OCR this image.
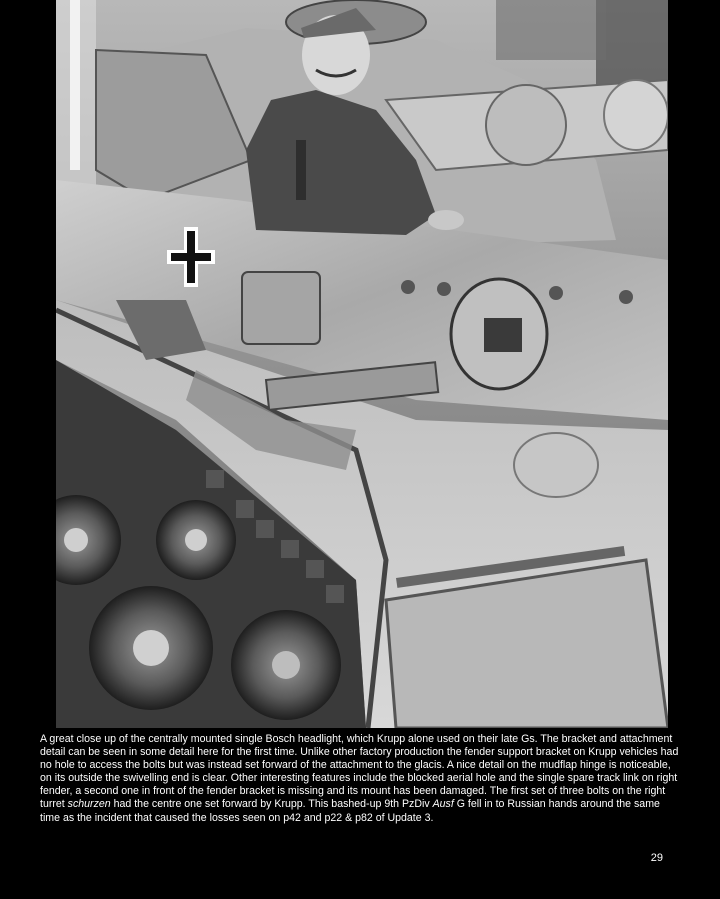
A great close up of the centrally mounted single Bosch headlight, which Krupp alone used on their late Gs. The bracket and attachment detail can be seen in some detail here for the first time. Unlike other factory production the fender support bracket on Krupp vehicles had no hole to access the bolts but was instead set forward of the attachment to the glacis. A nice detail on the mudflap hinge is noticeable, on its outside the swivelling end is clear. Other interesting features include the blocked aerial hole and the single spare track link on right fender, a second one in front of the fender bracket is missing and its mount has been damaged. The first set of three bolts on the right turret schurzen had the centre one set forward by Krupp. This bashed-up 9th PzDiv Ausf G fell in to Russian hands around the same time as the incident that caused the losses seen on p42 and p22 & p82 of Update 3.

29
